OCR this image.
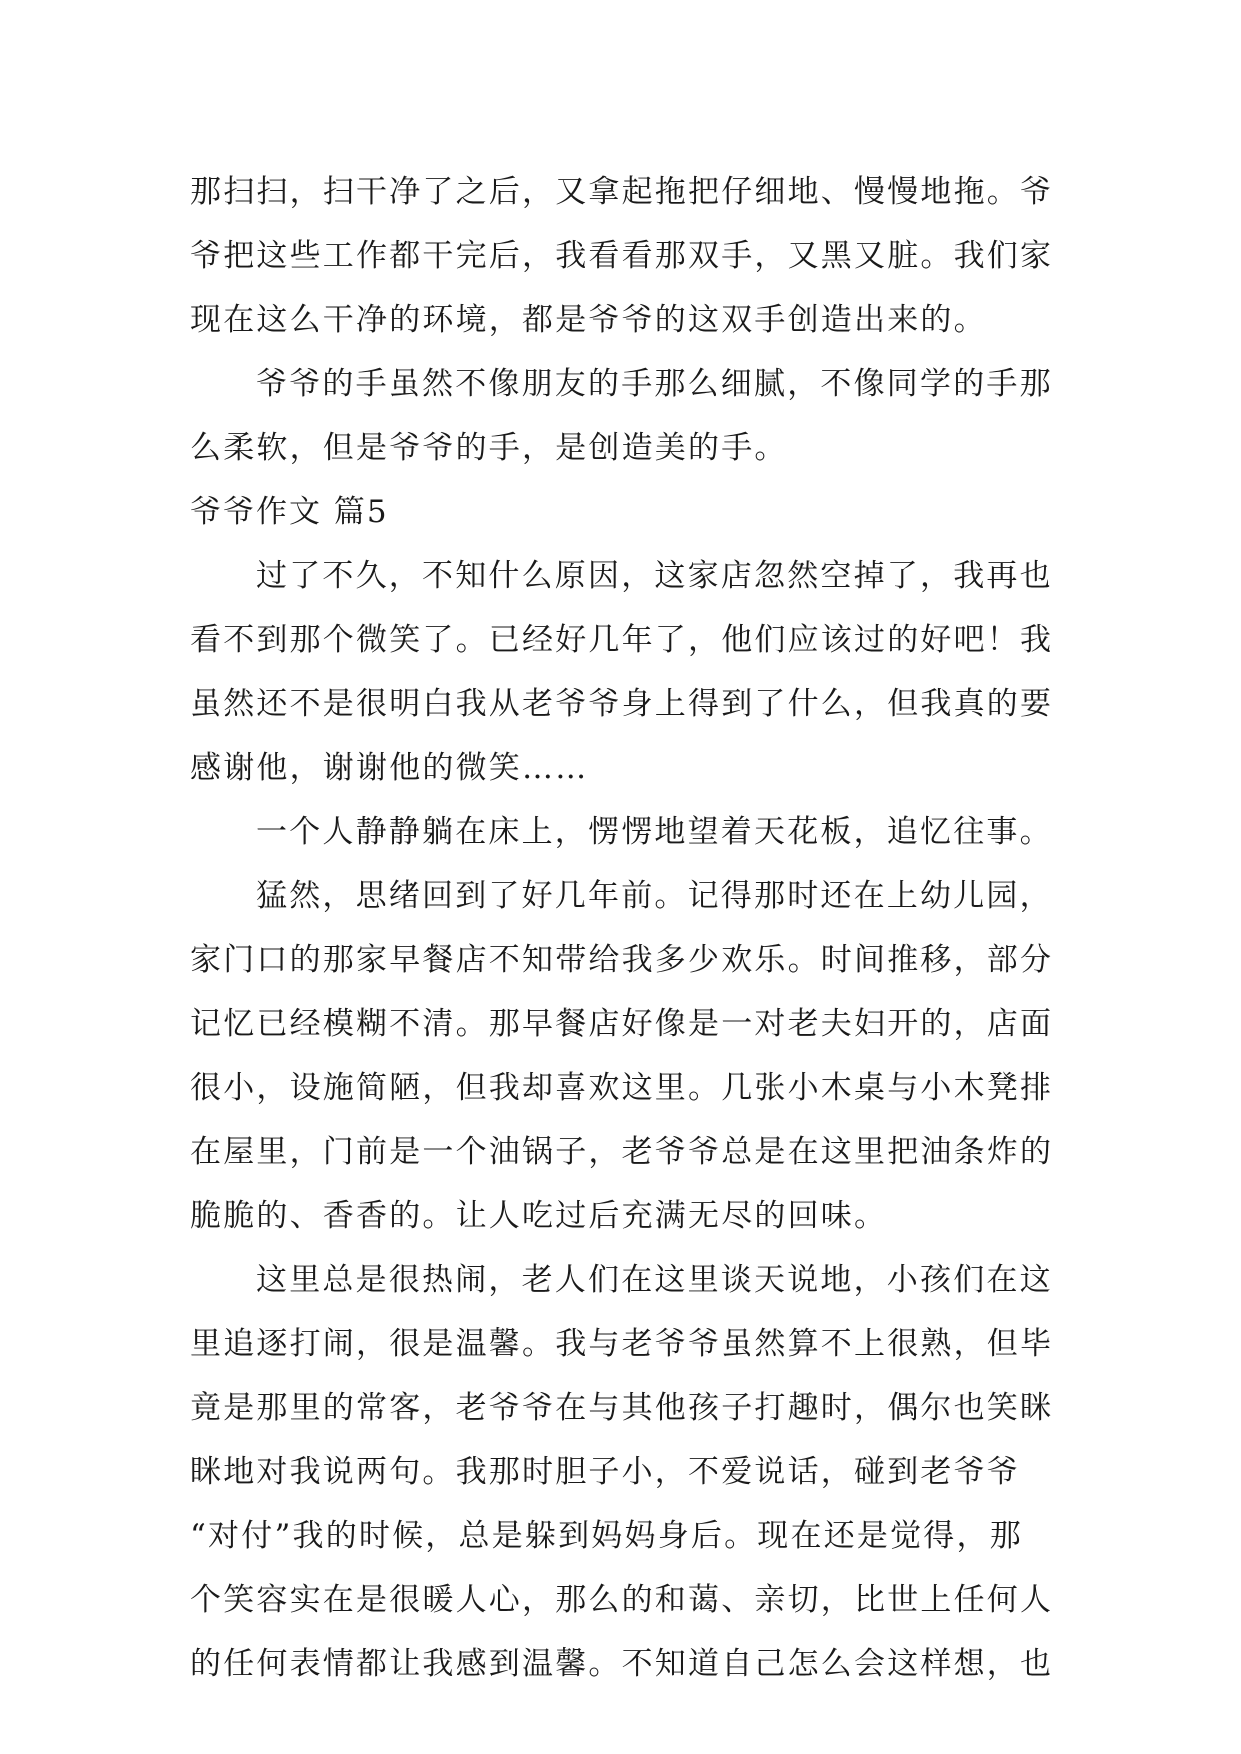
那扫扫，扫干净了之后，又拿起拖把仔细地、慢慢地拖。爷
爷把这些工作都干完后，我看看那双手，又黑又脏。我们家
现在这么干净的环境，都是爷爷的这双手创造出来的。
爷爷的手虽然不像朋友的手那么细腻，不像同学的手那
么柔软，但是爷爷的手，是创造美的手。
爷爷作文 篇5
过了不久，不知什么原因，这家店忽然空掉了，我再也
看不到那个微笑了。已经好几年了，他们应该过的好吧！我
虽然还不是很明白我从老爷爷身上得到了什么，但我真的要
感谢他，谢谢他的微笑……
一个人静静躺在床上，愣愣地望着天花板，追忆往事。
猛然，思绪回到了好几年前。记得那时还在上幼儿园，
家门口的那家早餐店不知带给我多少欢乐。时间推移，部分
记忆已经模糊不清。那早餐店好像是一对老夫妇开的，店面
很小，设施简陋，但我却喜欢这里。几张小木桌与小木凳排
在屋里，门前是一个油锅子，老爷爷总是在这里把油条炸的
脆脆的、香香的。让人吃过后充满无尽的回味。
这里总是很热闹，老人们在这里谈天说地，小孩们在这
里追逐打闹，很是温馨。我与老爷爷虽然算不上很熟，但毕
竟是那里的常客，老爷爷在与其他孩子打趣时，偶尔也笑眯
眯地对我说两句。我那时胆子小，不爱说话，碰到老爷爷
“对付”我的时候，总是躲到妈妈身后。现在还是觉得，那
个笑容实在是很暖人心，那么的和蔼、亲切，比世上任何人
的任何表情都让我感到温馨。不知道自己怎么会这样想，也
